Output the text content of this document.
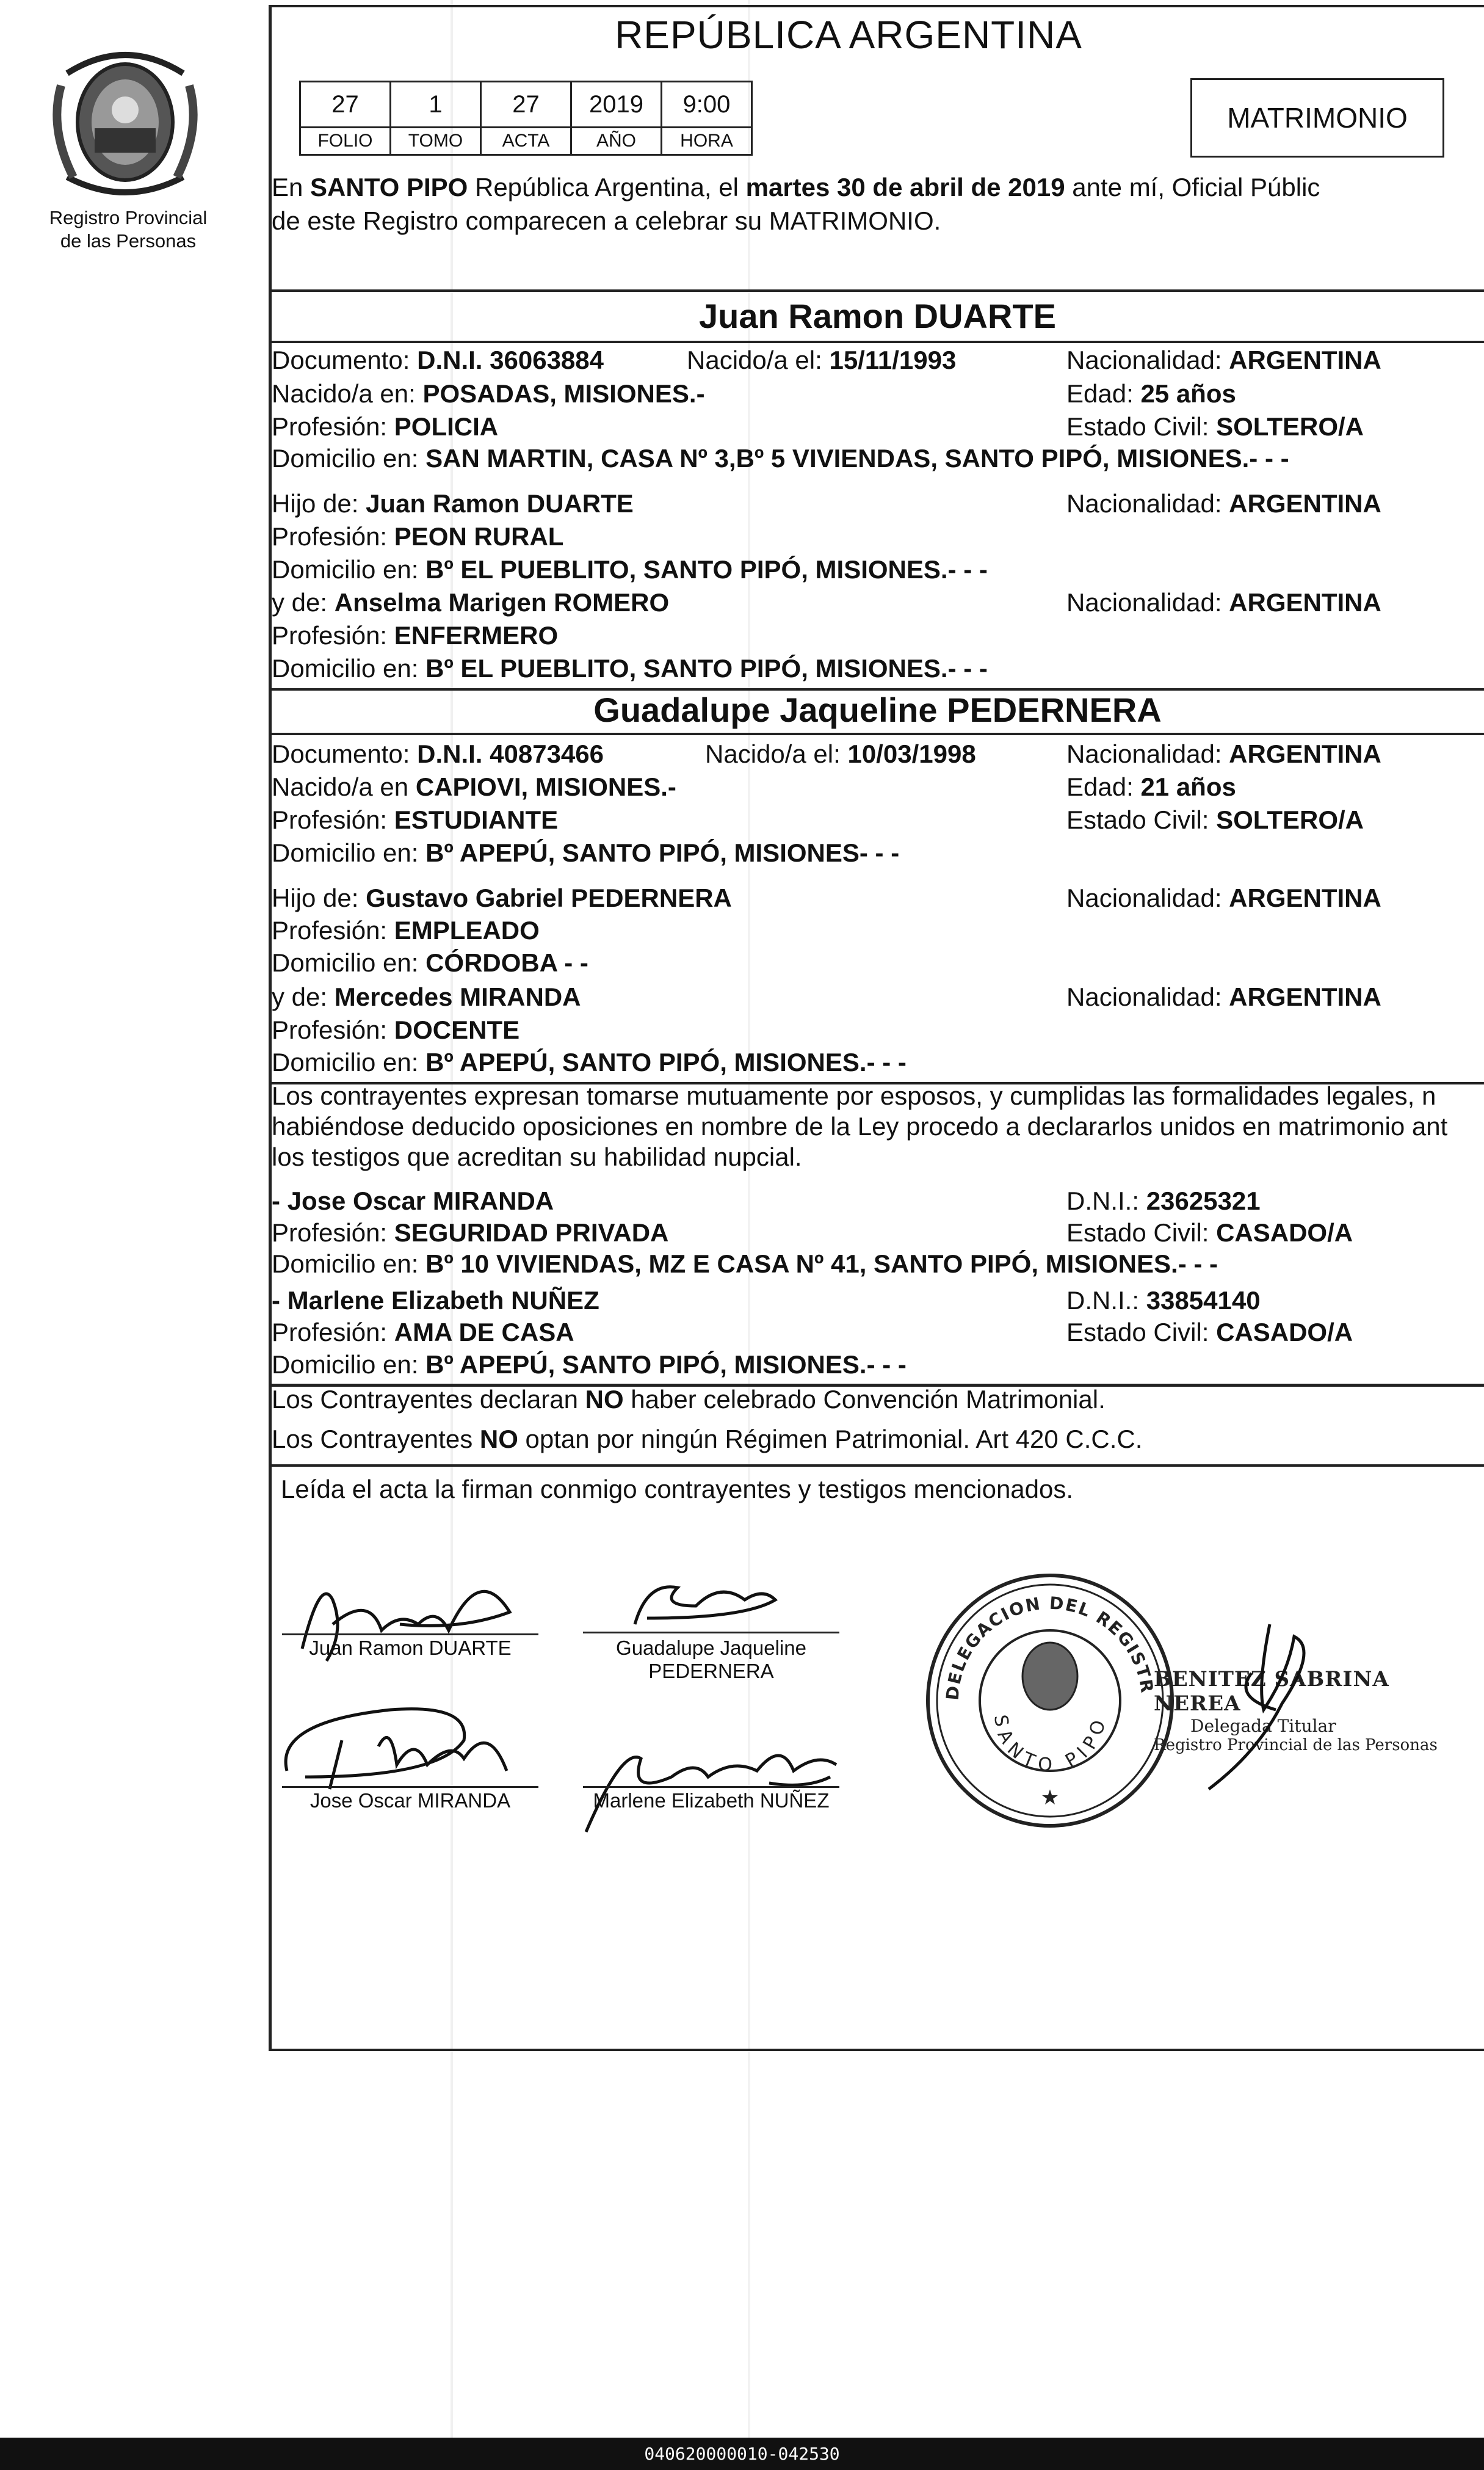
Registro Provincial
de las Personas
REPÚBLICA ARGENTINA
27	1	27	2019	9:00
FOLIO	TOMO	ACTA	AÑO	HORA
MATRIMONIO
En SANTO PIPO República Argentina, el martes 30 de abril de 2019 ante mí, Oficial Públic
de este Registro comparecen a celebrar su MATRIMONIO.
Juan Ramon DUARTE
Documento: D.N.I. 36063884	Nacido/a el: 15/11/1993	Nacionalidad: ARGENTINA
Nacido/a en: POSADAS, MISIONES.-	Edad: 25 años
Profesión: POLICIA	Estado Civil: SOLTERO/A
Domicilio en: SAN MARTIN, CASA Nº 3,Bº 5 VIVIENDAS, SANTO PIPÓ, MISIONES.- - -
Hijo de: Juan Ramon DUARTE	Nacionalidad: ARGENTINA
Profesión: PEON RURAL
Domicilio en: Bº EL PUEBLITO, SANTO PIPÓ, MISIONES.- - -
y de: Anselma Marigen ROMERO	Nacionalidad: ARGENTINA
Profesión: ENFERMERO
Domicilio en: Bº EL PUEBLITO, SANTO PIPÓ, MISIONES.- - -
Guadalupe Jaqueline PEDERNERA
Documento: D.N.I. 40873466	Nacido/a el: 10/03/1998	Nacionalidad: ARGENTINA
Nacido/a en CAPIOVI, MISIONES.-	Edad: 21 años
Profesión: ESTUDIANTE	Estado Civil: SOLTERO/A
Domicilio en: Bº APEPÚ, SANTO PIPÓ, MISIONES- - -
Hijo de: Gustavo Gabriel PEDERNERA	Nacionalidad: ARGENTINA
Profesión: EMPLEADO
Domicilio en: CÓRDOBA - -
y de: Mercedes MIRANDA	Nacionalidad: ARGENTINA
Profesión: DOCENTE
Domicilio en: Bº APEPÚ, SANTO PIPÓ, MISIONES.- - -
Los contrayentes expresan tomarse mutuamente por esposos, y cumplidas las formalidades legales, n
habiéndose deducido oposiciones en nombre de la Ley procedo a declararlos unidos en matrimonio ant
los testigos que acreditan su habilidad nupcial.
- Jose Oscar MIRANDA	D.N.I.: 23625321
Profesión: SEGURIDAD PRIVADA	Estado Civil: CASADO/A
Domicilio en: Bº 10 VIVIENDAS, MZ E CASA Nº 41, SANTO PIPÓ, MISIONES.- - -
- Marlene Elizabeth NUÑEZ	D.N.I.: 33854140
Profesión: AMA DE CASA	Estado Civil: CASADO/A
Domicilio en: Bº APEPÚ, SANTO PIPÓ, MISIONES.- - -
Los Contrayentes declaran NO haber celebrado Convención Matrimonial.
Los Contrayentes NO optan por ningún Régimen Patrimonial. Art 420 C.C.C.
Leída el acta la firman conmigo contrayentes y testigos mencionados.
Juan Ramon DUARTE	Guadalupe Jaqueline
PEDERNERA
Jose Oscar MIRANDA	Marlene Elizabeth NUÑEZ
DELEGACION DEL REGISTR
SANTO PIPO
★
BENITEZ SABRINA NEREA
Delegada Titular
Registro Provincial de las Personas
040620000010-042530
